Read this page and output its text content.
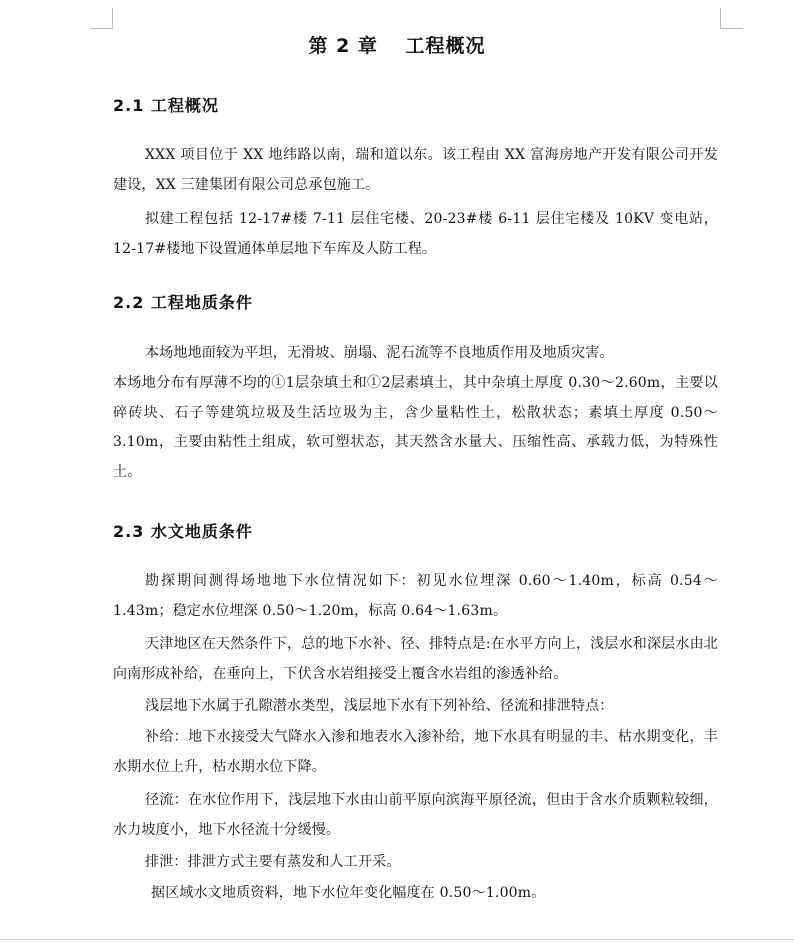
第 2 章　 工程概况
2.1 工程概况

XXX 项目位于 XX 地纬路以南，瑞和道以东。该工程由 XX 富海房地产开发有限公司开发建设，XX 三建集团有限公司总承包施工。

拟建工程包括 12-17#楼 7-11 层住宅楼、20-23#楼 6-11 层住宅楼及 10KV 变电站，12-17#楼地下设置通体单层地下车库及人防工程。

2.2 工程地质条件

本场地地面较为平坦，无滑坡、崩塌、泥石流等不良地质作用及地质灾害。

本场地分布有厚薄不均的①1层杂填土和①2层素填土，其中杂填土厚度 0.30～2.60m，主要以碎砖块、石子等建筑垃圾及生活垃圾为主，含少量粘性土，松散状态；素填土厚度 0.50～3.10m，主要由粘性土组成，软可塑状态，其天然含水量大、压缩性高、承载力低，为特殊性土。

2.3 水文地质条件

勘探期间测得场地地下水位情况如下：初见水位埋深 0.60～1.40m，标高 0.54～1.43m；稳定水位埋深 0.50～1.20m，标高 0.64～1.63m。

天津地区在天然条件下，总的地下水补、径、排特点是:在水平方向上，浅层水和深层水由北向南形成补给，在垂向上，下伏含水岩组接受上覆含水岩组的渗透补给。

浅层地下水属于孔隙潜水类型，浅层地下水有下列补给、径流和排泄特点：

补给：地下水接受大气降水入渗和地表水入渗补给，地下水具有明显的丰、枯水期变化，丰水期水位上升，枯水期水位下降。

径流：在水位作用下，浅层地下水由山前平原向滨海平原径流，但由于含水介质颗粒较细，水力坡度小，地下水径流十分缓慢。

排泄：排泄方式主要有蒸发和人工开采。

据区域水文地质资料，地下水位年变化幅度在 0.50～1.00m。
